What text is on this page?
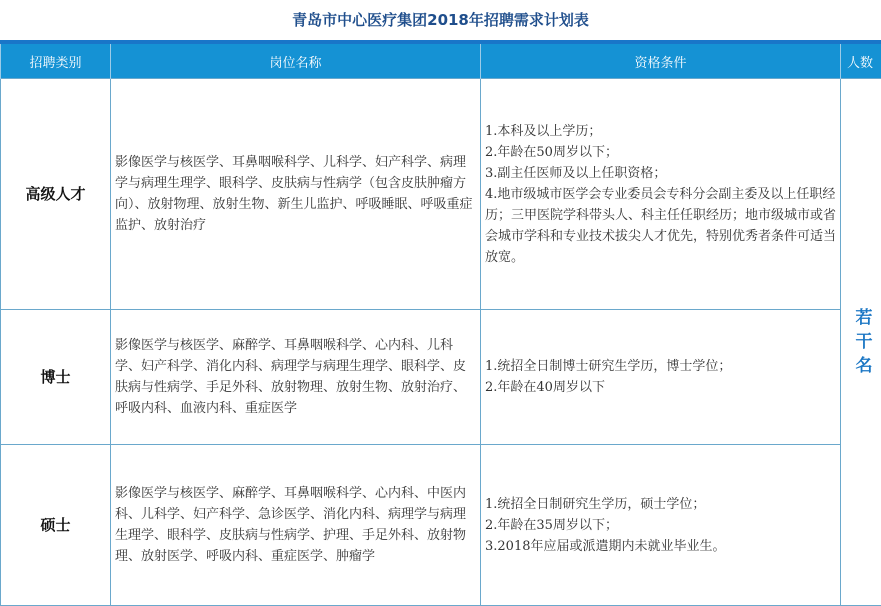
青岛市中心医疗集团2018年招聘需求计划表
招聘类别	岗位名称	资格条件	人数
高级人才	影像医学与核医学、耳鼻咽喉科学、儿科学、妇产科学、病理学与病理生理学、眼科学、皮肤病与性病学（包含皮肤肿瘤方向）、放射物理、放射生物、新生儿监护、呼吸睡眠、呼吸重症监护、放射治疗	1.本科及以上学历；
2.年龄在50周岁以下；
3.副主任医师及以上任职资格；
4.地市级城市医学会专业委员会专科分会副主委及以上任职经历；三甲医院学科带头人、科主任任职经历；地市级城市或省会城市学科和专业技术拔尖人才优先，特别优秀者条件可适当放宽。	若干名
博士	影像医学与核医学、麻醉学、耳鼻咽喉科学、心内科、儿科学、妇产科学、消化内科、病理学与病理生理学、眼科学、皮肤病与性病学、手足外科、放射物理、放射生物、放射治疗、呼吸内科、血液内科、重症医学	1.统招全日制博士研究生学历，博士学位；
2.年龄在40周岁以下	

硕士	影像医学与核医学、麻醉学、耳鼻咽喉科学、心内科、中医内科、儿科学、妇产科学、急诊医学、消化内科、病理学与病理生理学、眼科学、皮肤病与性病学、护理、手足外科、放射物理、放射医学、呼吸内科、重症医学、肿瘤学	1.统招全日制研究生学历，硕士学位；
2.年龄在35周岁以下；
3.2018年应届或派遣期内未就业毕业生。	
